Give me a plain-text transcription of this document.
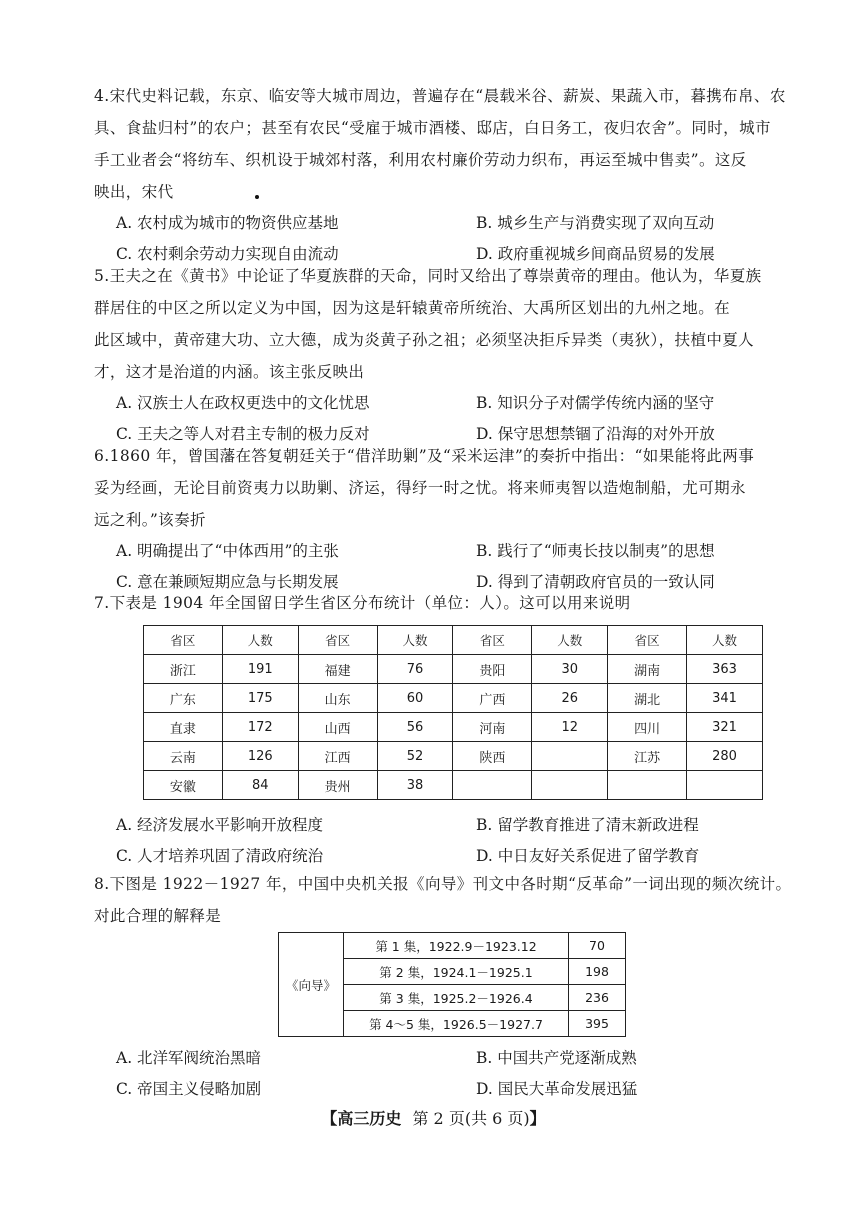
4.宋代史料记载，东京、临安等大城市周边，普遍存在“晨载米谷、薪炭、果蔬入市，暮携布帛、农
具、食盐归村”的农户；甚至有农民“受雇于城市酒楼、邸店，白日务工，夜归农舍”。同时，城市
手工业者会“将纺车、织机设于城郊村落，利用农村廉价劳动力织布，再运至城中售卖”。这反
映出，宋代
A. 农村成为城市的物资供应基地	B. 城乡生产与消费实现了双向互动
C. 农村剩余劳动力实现自由流动	D. 政府重视城乡间商品贸易的发展
5.王夫之在《黄书》中论证了华夏族群的天命，同时又给出了尊崇黄帝的理由。他认为，华夏族
群居住的中区之所以定义为中国，因为这是轩辕黄帝所统治、大禹所区划出的九州之地。在
此区域中，黄帝建大功、立大德，成为炎黄子孙之祖；必须坚决拒斥异类（夷狄），扶植中夏人
才，这才是治道的内涵。该主张反映出
A. 汉族士人在政权更迭中的文化忧思	B. 知识分子对儒学传统内涵的坚守
C. 王夫之等人对君主专制的极力反对	D. 保守思想禁锢了沿海的对外开放
6.1860 年，曾国藩在答复朝廷关于“借洋助剿”及“采米运津”的奏折中指出：“如果能将此两事
妥为经画，无论目前资夷力以助剿、济运，得纾一时之忧。将来师夷智以造炮制船，尤可期永
远之利。”该奏折
A. 明确提出了“中体西用”的主张	B. 践行了“师夷长技以制夷”的思想
C. 意在兼顾短期应急与长期发展	D. 得到了清朝政府官员的一致认同
7.下表是 1904 年全国留日学生省区分布统计（单位：人）。这可以用来说明
省区	人数	省区	人数	省区	人数	省区	人数
浙江	191	福建	76	贵阳	30	湖南	363
广东	175	山东	60	广西	26	湖北	341
直隶	172	山西	56	河南	12	四川	321
云南	126	江西	52	陕西		江苏	280
安徽	84	贵州	38				
A. 经济发展水平影响开放程度	B. 留学教育推进了清末新政进程
C. 人才培养巩固了清政府统治	D. 中日友好关系促进了留学教育
8.下图是 1922－1927 年，中国中央机关报《向导》刊文中各时期“反革命”一词出现的频次统计。
对此合理的解释是
《向导》	第 1 集，1922.9－1923.12	70
	第 2 集，1924.1－1925.1	198
	第 3 集，1925.2－1926.4	236
	第 4～5 集，1926.5－1927.7	395
A. 北洋军阀统治黑暗	B. 中国共产党逐渐成熟
C. 帝国主义侵略加剧	D. 国民大革命发展迅猛
【高三历史 第 2 页(共 6 页)】
